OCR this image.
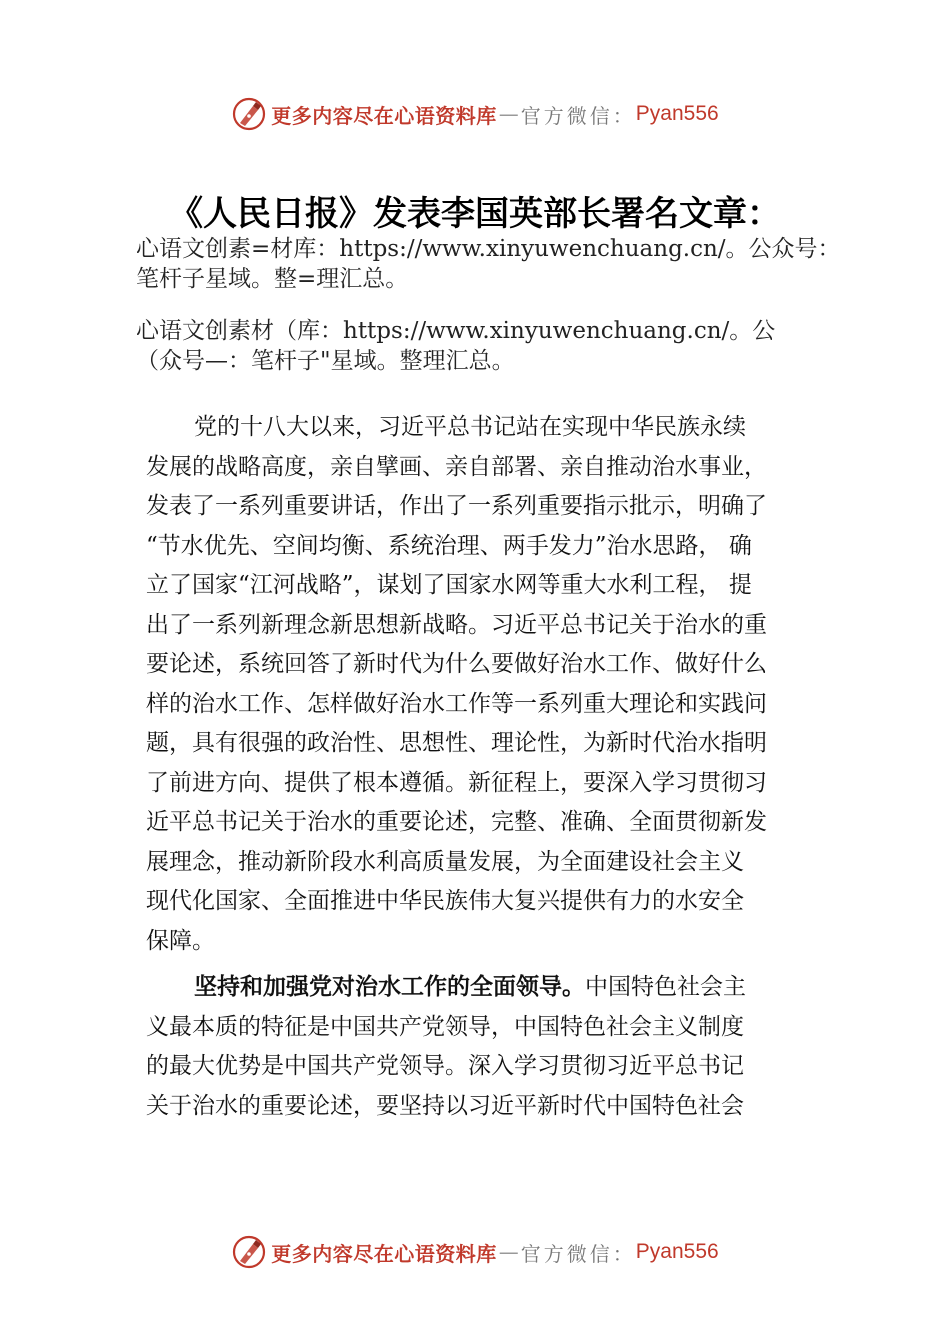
更多内容尽在心语资料库 — 官方微信： Pyan556
《人民日报》发表李国英部长署名文章：
心语文创素=材库：https://www.xinyuwenchuang.cn/。公众号：
笔杆子星域。整=理汇总。
心语文创素材（库：https://www.xinyuwenchuang.cn/。公
（众号—：笔杆子"星域。整理汇总。
党的十八大以来，习近平总书记站在实现中华民族永续
发展的战略高度，亲自擘画、亲自部署、亲自推动治水事业，
发表了一系列重要讲话，作出了一系列重要指示批示，明确了
“节水优先、空间均衡、系统治理、两手发力”治水思路， 确
立了国家“江河战略”，谋划了国家水网等重大水利工程， 提
出了一系列新理念新思想新战略。习近平总书记关于治水的重
要论述，系统回答了新时代为什么要做好治水工作、做好什么
样的治水工作、怎样做好治水工作等一系列重大理论和实践问
题，具有很强的政治性、思想性、理论性，为新时代治水指明
了前进方向、提供了根本遵循。新征程上，要深入学习贯彻习
近平总书记关于治水的重要论述，完整、准确、全面贯彻新发
展理念，推动新阶段水利高质量发展，为全面建设社会主义
现代化国家、全面推进中华民族伟大复兴提供有力的水安全
保障。
坚持和加强党对治水工作的全面领导。中国特色社会主
义最本质的特征是中国共产党领导，中国特色社会主义制度
的最大优势是中国共产党领导。深入学习贯彻习近平总书记
关于治水的重要论述，要坚持以习近平新时代中国特色社会
更多内容尽在心语资料库 — 官方微信： Pyan556
